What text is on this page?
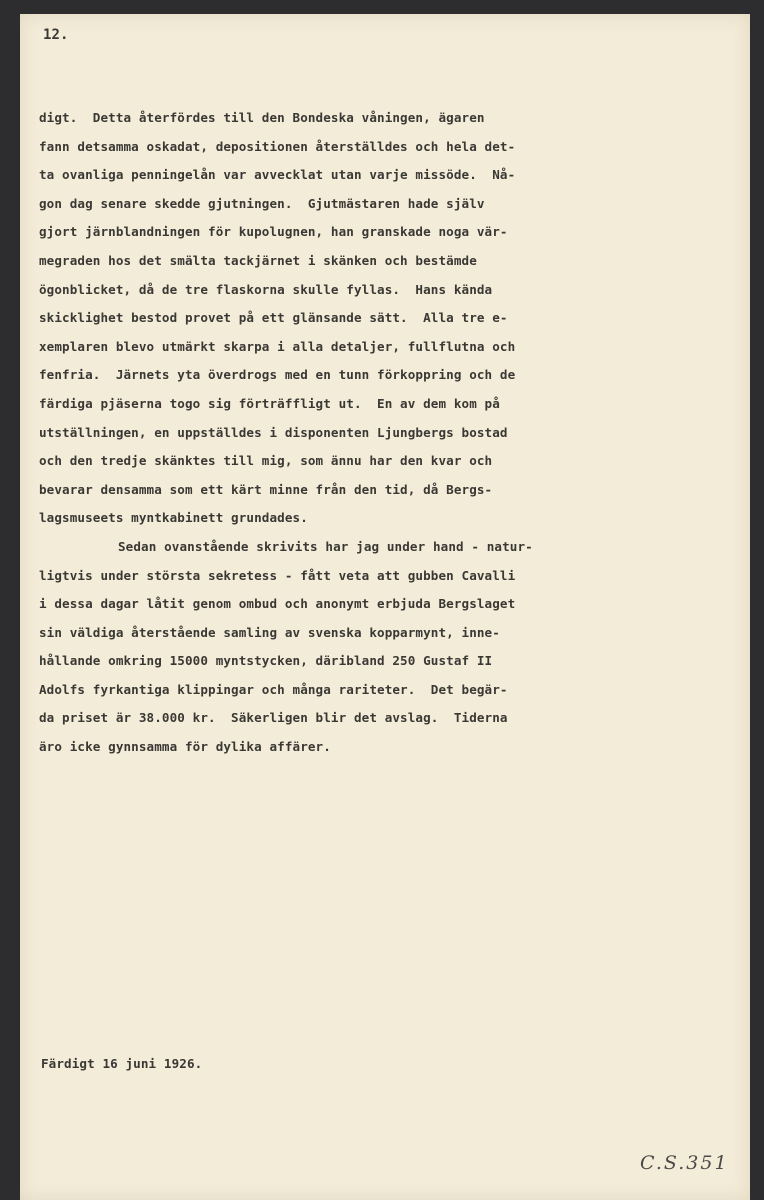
12.
digt.  Detta återfördes till den Bondeska våningen, ägaren
fann detsamma oskadat, depositionen återställdes och hela det-
ta ovanliga penningelån var avvecklat utan varje missöde.  Nå-
gon dag senare skedde gjutningen.  Gjutmästaren hade själv
gjort järnblandningen för kupolugnen, han granskade noga vär-
megraden hos det smälta tackjärnet i skänken och bestämde
ögonblicket, då de tre flaskorna skulle fyllas.  Hans kända
skicklighet bestod provet på ett glänsande sätt.  Alla tre e-
xemplaren blevo utmärkt skarpa i alla detaljer, fullflutna och
fenfria.  Järnets yta överdrogs med en tunn förkoppring och de
färdiga pjäserna togo sig förträffligt ut.  En av dem kom på
utställningen, en uppställdes i disponenten Ljungbergs bostad
och den tredje skänktes till mig, som ännu har den kvar och
bevarar densamma som ett kärt minne från den tid, då Bergs-
lagsmuseets myntkabinett grundades.
Sedan ovanstående skrivits har jag under hand - natur-
ligtvis under största sekretess - fått veta att gubben Cavalli
i dessa dagar låtit genom ombud och anonymt erbjuda Bergslaget
sin väldiga återstående samling av svenska kopparmynt, inne-
hållande omkring 15000 myntstycken, däribland 250 Gustaf II
Adolfs fyrkantiga klippingar och många rariteter.  Det begär-
da priset är 38.000 kr.  Säkerligen blir det avslag.  Tiderna
äro icke gynnsamma för dylika affärer.
Färdigt 16 juni 1926.
C.S.351
